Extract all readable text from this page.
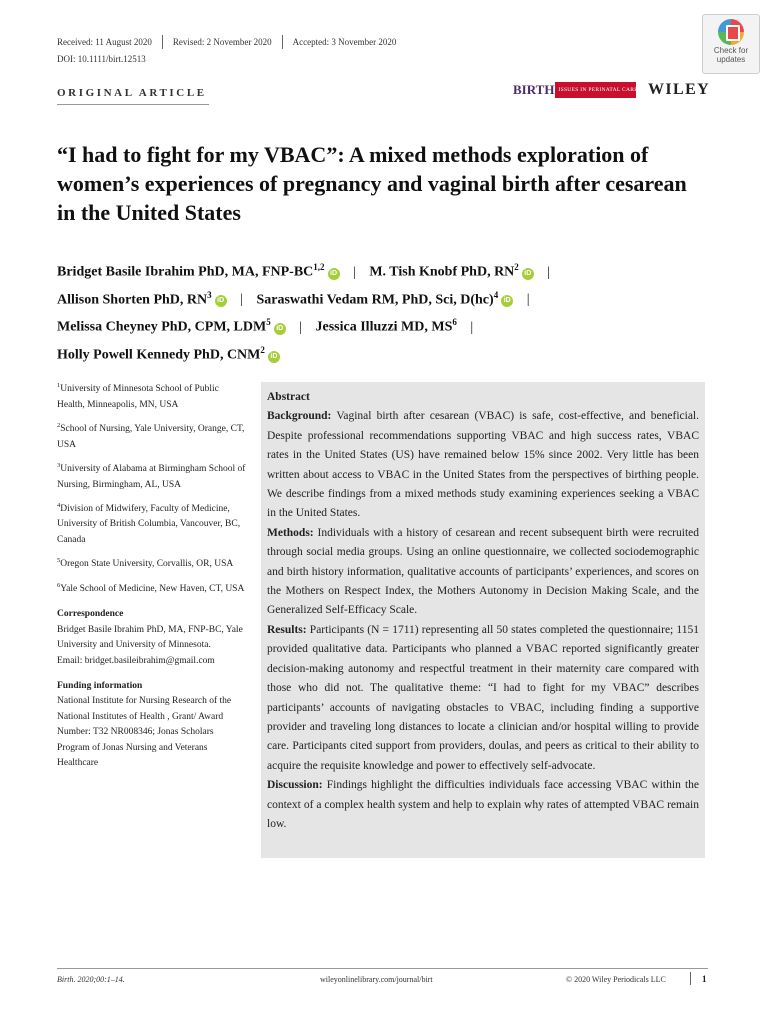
Received: 11 August 2020 Revised: 2 November 2020 Accepted: 3 November 2020
DOI: 10.1111/birt.12513
ORIGINAL ARTICLE
Check for
updates
BIRTH ISSUES IN PERINATAL CARE WILEY
“I had to fight for my VBAC”: A mixed methods exploration of women’s experiences of pregnancy and vaginal birth after cesarean in the United States
Bridget Basile Ibrahim PhD, MA, FNP-BC$^{1,2}$iD | M. Tish Knobf PhD, $RN^2iD$ |
Allison Shorten PhD, $RN^3iD$ | Saraswathi Vedam RM, PhD, Sci, D(hc)$^4$iD |
Melissa Cheyney PhD, CPM, LDM$^5$iD | Jessica Illuzzi MD, $MS^6$ |
Holly Powell Kennedy PhD, CNM$^2$iD

$^1$University of Minnesota School of Public Health, Minneapolis, MN, USA

$^2$School of Nursing, Yale University, Orange, CT, USA

$^3$University of Alabama at Birmingham School of Nursing, Birmingham, AL, USA

$^4$Division of Midwifery, Faculty of Medicine, University of British Columbia, Vancouver, BC, Canada

$^5$Oregon State University, Corvallis, OR, USA

$^6$Yale School of Medicine, New Haven, CT, USA

Correspondence

Bridget Basile Ibrahim PhD, MA, FNP-BC, Yale University and University of Minnesota.

Email: bridget.basileibrahim@gmail.com

Funding information

National Institute for Nursing Research of the National Institutes of Health , Grant/ Award Number: T32 NR008346; Jonas Scholars Program of Jonas Nursing and Veterans Healthcare

Abstract

Background: Vaginal birth after cesarean (VBAC) is safe, cost-effective, and beneficial. Despite professional recommendations supporting VBAC and high success rates, VBAC rates in the United States (US) have remained below 15% since 2002. Very little has been written about access to VBAC in the United States from the perspectives of birthing people. We describe findings from a mixed methods study examining experiences seeking a VBAC in the United States.

Methods: Individuals with a history of cesarean and recent subsequent birth were recruited through social media groups. Using an online questionnaire, we collected sociodemographic and birth history information, qualitative accounts of participants’ experiences, and scores on the Mothers on Respect Index, the Mothers Autonomy in Decision Making Scale, and the Generalized Self-Efficacy Scale.

Results: Participants (N = 1711) representing all 50 states completed the questionnaire; 1151 provided qualitative data. Participants who planned a VBAC reported significantly greater decision-making autonomy and respectful treatment in their maternity care compared with those who did not. The qualitative theme: “I had to fight for my VBAC” describes participants’ accounts of navigating obstacles to VBAC, including finding a supportive provider and traveling long distances to locate a clinician and/or hospital willing to provide care. Participants cited support from providers, doulas, and peers as critical to their ability to acquire the requisite knowledge and power to effectively self-advocate.

Discussion: Findings highlight the difficulties individuals face accessing VBAC within the context of a complex health system and help to explain why rates of attempted VBAC remain low.

Birth. 2020;00:1–14.	wileyonlinelibrary.com/journal/birt	© 2020 Wiley Periodicals LLC	1
